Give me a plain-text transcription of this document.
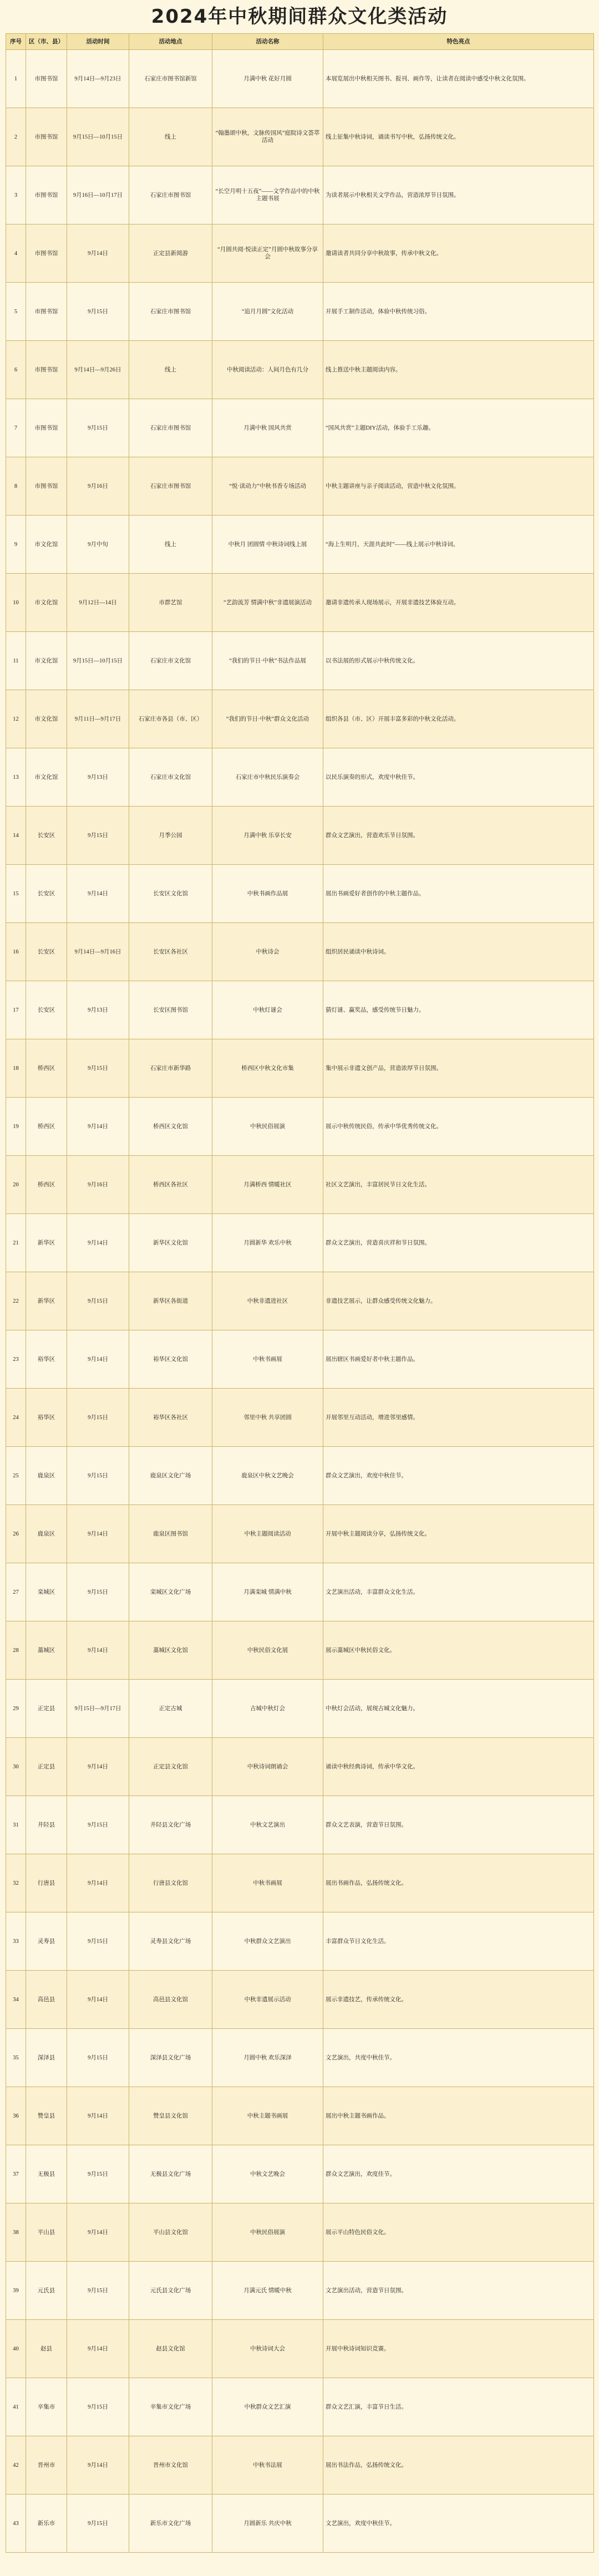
2024年中秋期间群众文化类活动
序号	区（市、县）	活动时间	活动地点	活动名称	特色亮点
1	市图书馆	9月14日—9月23日	石家庄市图书馆新馆	月满中秋 花好月圆	本展览展出中秋相关图书、报刊、画作等，让读者在阅读中感受中秋文化氛围。
2	市图书馆	9月15日—10月15日	线上	“翰墨颂中秋，文脉传国风”庭院诗文荟萃活动	线上征集中秋诗词，诵读书写中秋，弘扬传统文化。
3	市图书馆	9月16日—10月17日	石家庄市图书馆	“长空月明十五夜”——文学作品中的中秋主题书展	为读者展示中秋相关文学作品，营造浓厚节日氛围。
4	市图书馆	9月14日	正定县新阅游	“月圆共阅·悦读正定”月圆中秋故事分享会	邀请读者共同分享中秋故事，传承中秋文化。
5	市图书馆	9月15日	石家庄市图书馆	“追月月圆”文化活动	开展手工制作活动，体验中秋传统习俗。
6	市图书馆	9月14日—9月26日	线上	中秋阅读活动：人间月色有几分	线上推送中秋主题阅读内容。
7	市图书馆	9月15日	石家庄市图书馆	月满中秋 国风共赏	“国风共赏”主题DIY活动，体验手工乐趣。
8	市图书馆	9月16日	石家庄市图书馆	“悦·读动力”中秋书香专场活动	中秋主题讲座与亲子阅读活动，营造中秋文化氛围。
9	市文化馆	9月中旬	线上	中秋月 团圆情 中秋诗词线上展	“海上生明月，天涯共此时”——线上展示中秋诗词。
10	市文化馆	9月12日—14日	市群艺馆	“艺韵流芳 情满中秋”非遗展演活动	邀请非遗传承人现场展示，开展非遗技艺体验互动。
11	市文化馆	9月15日—10月15日	石家庄市文化馆	“我们的节日·中秋”书法作品展	以书法展的形式展示中秋传统文化。
12	市文化馆	9月11日—9月17日	石家庄市各县（市、区）	“我们的节日·中秋”群众文化活动	组织各县（市、区）开展丰富多彩的中秋文化活动。
13	市文化馆	9月13日	石家庄市文化馆	石家庄市中秋民乐演奏会	以民乐演奏的形式，欢度中秋佳节。
14	长安区	9月15日	月季公园	月满中秋 乐享长安	群众文艺演出，营造欢乐节日氛围。
15	长安区	9月14日	长安区文化馆	中秋书画作品展	展出书画爱好者创作的中秋主题作品。
16	长安区	9月14日—9月16日	长安区各社区	中秋诗会	组织居民诵读中秋诗词。
17	长安区	9月13日	长安区图书馆	中秋灯谜会	猜灯谜、赢奖品，感受传统节日魅力。
18	桥西区	9月15日	石家庄市新华路	桥西区中秋文化市集	集中展示非遗文创产品，营造浓厚节日氛围。
19	桥西区	9月14日	桥西区文化馆	中秋民俗展演	展示中秋传统民俗，传承中华优秀传统文化。
20	桥西区	9月16日	桥西区各社区	月满桥西 情暖社区	社区文艺演出，丰富居民节日文化生活。
21	新华区	9月14日	新华区文化馆	月圆新华 欢乐中秋	群众文艺演出，营造喜庆祥和节日氛围。
22	新华区	9月15日	新华区各街道	中秋非遗进社区	非遗技艺展示，让群众感受传统文化魅力。
23	裕华区	9月14日	裕华区文化馆	中秋书画展	展出辖区书画爱好者中秋主题作品。
24	裕华区	9月15日	裕华区各社区	邻里中秋 共享团圆	开展邻里互动活动，增进邻里感情。
25	鹿泉区	9月15日	鹿泉区文化广场	鹿泉区中秋文艺晚会	群众文艺演出，欢度中秋佳节。
26	鹿泉区	9月14日	鹿泉区图书馆	中秋主题阅读活动	开展中秋主题阅读分享，弘扬传统文化。
27	栾城区	9月15日	栾城区文化广场	月满栾城 情满中秋	文艺演出活动，丰富群众文化生活。
28	藁城区	9月14日	藁城区文化馆	中秋民俗文化展	展示藁城区中秋民俗文化。
29	正定县	9月15日—9月17日	正定古城	古城中秋灯会	中秋灯会活动，展现古城文化魅力。
30	正定县	9月14日	正定县文化馆	中秋诗词朗诵会	诵读中秋经典诗词，传承中华文化。
31	井陉县	9月15日	井陉县文化广场	中秋文艺演出	群众文艺表演，营造节日氛围。
32	行唐县	9月14日	行唐县文化馆	中秋书画展	展出书画作品，弘扬传统文化。
33	灵寿县	9月15日	灵寿县文化广场	中秋群众文艺演出	丰富群众节日文化生活。
34	高邑县	9月14日	高邑县文化馆	中秋非遗展示活动	展示非遗技艺，传承传统文化。
35	深泽县	9月15日	深泽县文化广场	月圆中秋 欢乐深泽	文艺演出，共度中秋佳节。
36	赞皇县	9月14日	赞皇县文化馆	中秋主题书画展	展出中秋主题书画作品。
37	无极县	9月15日	无极县文化广场	中秋文艺晚会	群众文艺演出，欢度佳节。
38	平山县	9月14日	平山县文化馆	中秋民俗展演	展示平山特色民俗文化。
39	元氏县	9月15日	元氏县文化广场	月满元氏 情暖中秋	文艺演出活动，营造节日氛围。
40	赵县	9月14日	赵县文化馆	中秋诗词大会	开展中秋诗词知识竞赛。
41	辛集市	9月15日	辛集市文化广场	中秋群众文艺汇演	群众文艺汇演，丰富节日生活。
42	晋州市	9月14日	晋州市文化馆	中秋书法展	展出书法作品，弘扬传统文化。
43	新乐市	9月15日	新乐市文化广场	月圆新乐 共庆中秋	文艺演出，欢度中秋佳节。
